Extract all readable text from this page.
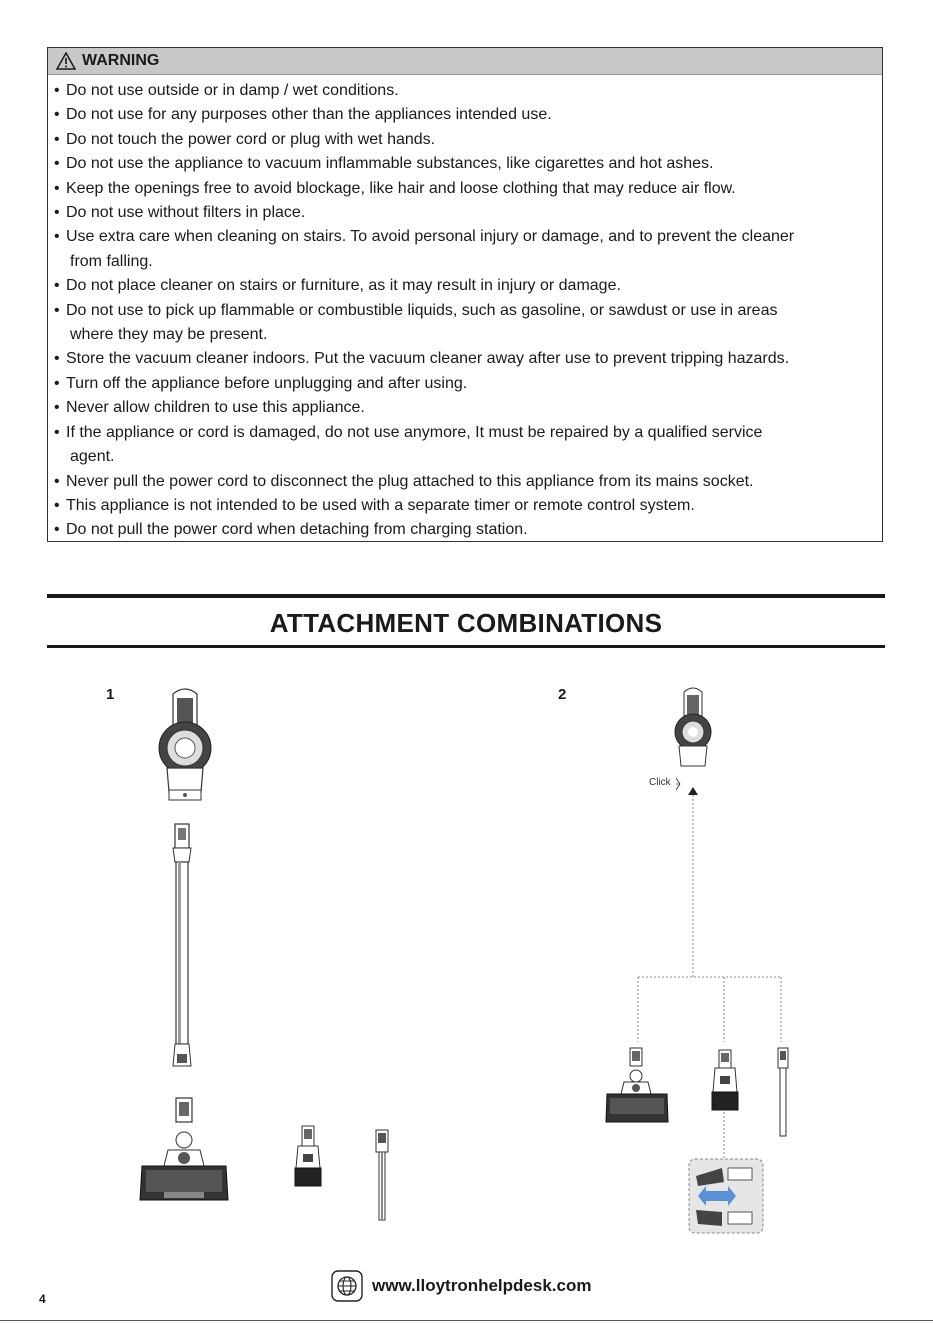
WARNING
• Do not use outside or in damp / wet conditions.
• Do not use for any purposes other than the appliances intended use.
• Do not touch the power cord or plug with wet hands.
• Do not use the appliance to vacuum inflammable substances, like cigarettes and hot ashes.
• Keep the openings free to avoid blockage, like hair and loose clothing that may reduce air flow.
• Do not use without filters in place.
• Use extra care when cleaning on stairs. To avoid personal injury or damage, and to prevent the cleaner
from falling.
• Do not place cleaner on stairs or furniture, as it may result in injury or damage.
• Do not use to pick up flammable or combustible liquids, such as gasoline, or sawdust or use in areas
where they may be present.
• Store the vacuum cleaner indoors. Put the vacuum cleaner away after use to prevent tripping hazards.
• Turn off the appliance before unplugging and after using.
• Never allow children to use this appliance.
• If the appliance or cord is damaged, do not use anymore, It must be repaired by a qualified service
agent.
• Never pull the power cord to disconnect the plug attached to this appliance from its mains socket.
• This appliance is not intended to be used with a separate timer or remote control system.
• Do not pull the power cord when detaching from charging station.
ATTACHMENT COMBINATIONS
1	2
Click
www.lloytronhelpdesk.com
4
